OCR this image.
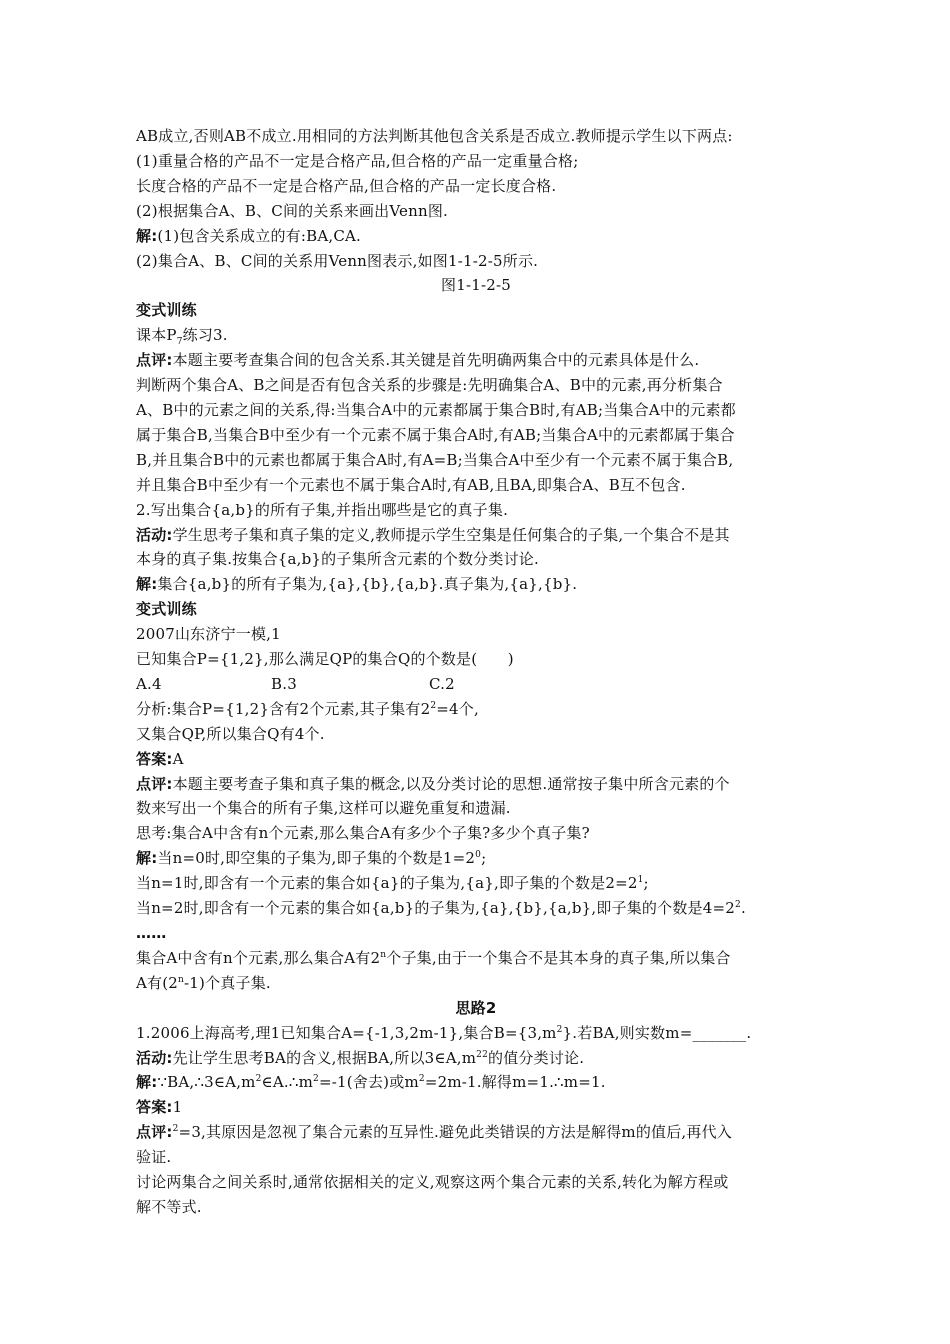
AB成立,否则AB不成立.用相同的方法判断其他包含关系是否成立.教师提示学生以下两点:
(1)重量合格的产品不一定是合格产品,但合格的产品一定重量合格;
长度合格的产品不一定是合格产品,但合格的产品一定长度合格.
(2)根据集合A、B、C间的关系来画出Venn图.
解:(1)包含关系成立的有:BA,CA.
(2)集合A、B、C间的关系用Venn图表示,如图1-1-2-5所示.
图1-1-2-5
变式训练
课本$P_7$练习3.
点评:本题主要考查集合间的包含关系.其关键是首先明确两集合中的元素具体是什么.
判断两个集合A、B之间是否有包含关系的步骤是:先明确集合A、B中的元素,再分析集合
A、B中的元素之间的关系,得:当集合A中的元素都属于集合B时,有AB;当集合A中的元素都
属于集合B,当集合B中至少有一个元素不属于集合A时,有AB;当集合A中的元素都属于集合
B,并且集合B中的元素也都属于集合A时,有A=B;当集合A中至少有一个元素不属于集合B,
并且集合B中至少有一个元素也不属于集合A时,有AB,且BA,即集合A、B互不包含.
2.写出集合{a,b}的所有子集,并指出哪些是它的真子集.
活动:学生思考子集和真子集的定义,教师提示学生空集是任何集合的子集,一个集合不是其
本身的真子集.按集合{a,b}的子集所含元素的个数分类讨论.
解:集合{a,b}的所有子集为,{a},{b},{a,b}.真子集为,{a},{b}.
变式训练
2007山东济宁一模,1
已知集合P={1,2},那么满足QP的集合Q的个数是(　　)
A.4	B.3	C.2
分析:集合P={1,2}含有2个元素,其子集有$2^2=4$个,
又集合QP,所以集合Q有4个.
答案:A
点评:本题主要考查子集和真子集的概念,以及分类讨论的思想.通常按子集中所含元素的个
数来写出一个集合的所有子集,这样可以避免重复和遗漏.
思考:集合A中含有n个元素,那么集合A有多少个子集?多少个真子集?
解:当n=0时,即空集的子集为,即子集的个数是$1=2^0$;
当n=1时,即含有一个元素的集合如{a}的子集为,{a},即子集的个数是$2=2^1$;
当n=2时,即含有一个元素的集合如{a,b}的子集为,{a},{b},{a,b},即子集的个数是$4=2^2$.
……
集合A中含有n个元素,那么集合A有2$^n$个子集,由于一个集合不是其本身的真子集,所以集合
A有(2$^n$-1)个真子集.
思路2
1.2006上海高考,理1已知集合A={-1,3,2m-1},集合$B=\{3,m^2\}$.若BA,则实数m=_______.
活动:先让学生思考BA的含义,根据BA,所以$3\in A,m^{22}$的值分类讨论.
解$:\because BA,\therefore 3\in A,m^2\in A.\therefore m^2=-1$(舍去)或$m^2=2m-1$.解得m=1.∴m=1.
答案:1
点评:$^2$=3,其原因是忽视了集合元素的互异性.避免此类错误的方法是解得m的值后,再代入
验证.
讨论两集合之间关系时,通常依据相关的定义,观察这两个集合元素的关系,转化为解方程或
解不等式.
